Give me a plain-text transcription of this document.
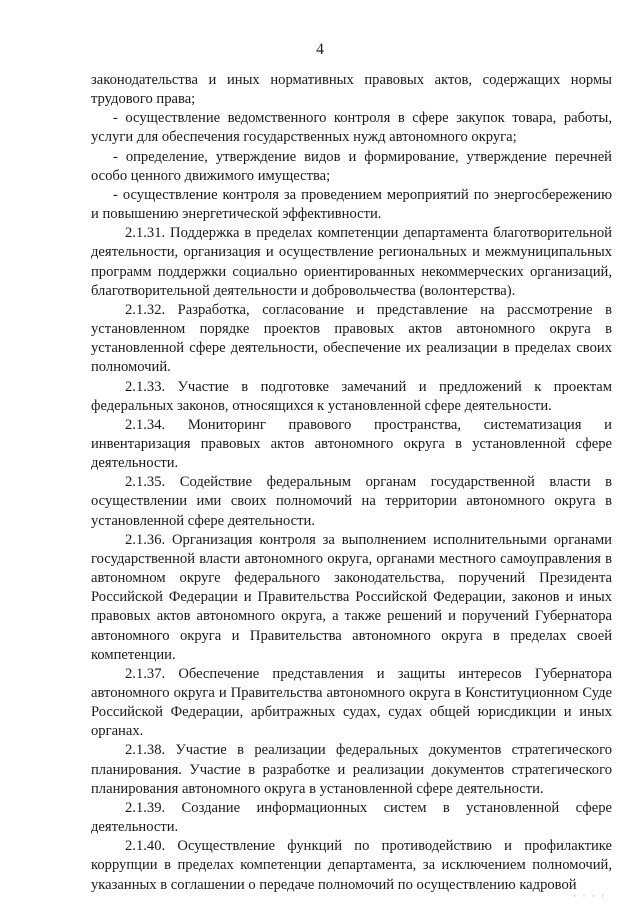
4

законодательства и иных нормативных правовых актов, содержащих нормы трудового права;

- осуществление ведомственного контроля в сфере закупок товара, работы, услуги для обеспечения государственных нужд автономного округа;

- определение, утверждение видов и формирование, утверждение перечней особо ценного движимого имущества;

- осуществление контроля за проведением мероприятий по энергосбережению и повышению энергетической эффективности.

2.1.31. Поддержка в пределах компетенции департамента благотворительной деятельности, организация и осуществление региональных и межмуниципальных программ поддержки социально ориентированных некоммерческих организаций, благотворительной деятельности и добровольчества (волонтерства).

2.1.32. Разработка, согласование и представление на рассмотрение в установленном порядке проектов правовых актов автономного округа в установленной сфере деятельности, обеспечение их реализации в пределах своих полномочий.

2.1.33. Участие в подготовке замечаний и предложений к проектам федеральных законов, относящихся к установленной сфере деятельности.

2.1.34. Мониторинг правового пространства, систематизация и инвентаризация правовых актов автономного округа в установленной сфере деятельности.

2.1.35. Содействие федеральным органам государственной власти в осуществлении ими своих полномочий на территории автономного округа в установленной сфере деятельности.

2.1.36. Организация контроля за выполнением исполнительными органами государственной власти автономного округа, органами местного самоуправления в автономном округе федерального законодательства, поручений Президента Российской Федерации и Правительства Российской Федерации, законов и иных правовых актов автономного округа, а также решений и поручений Губернатора автономного округа и Правительства автономного округа в пределах своей компетенции.

2.1.37. Обеспечение представления и защиты интересов Губернатора автономного округа и Правительства автономного округа в Конституционном Суде Российской Федерации, арбитражных судах, судах общей юрисдикции и иных органах.

2.1.38. Участие в реализации федеральных документов стратегического планирования. Участие в разработке и реализации документов стратегического планирования автономного округа в установленной сфере деятельности.

2.1.39. Создание информационных систем в установленной сфере деятельности.

2.1.40. Осуществление функций по противодействию и профилактике коррупции в пределах компетенции департамента, за исключением полномочий, указанных в соглашении о передаче полномочий по осуществлению кадровой

· · · ·
